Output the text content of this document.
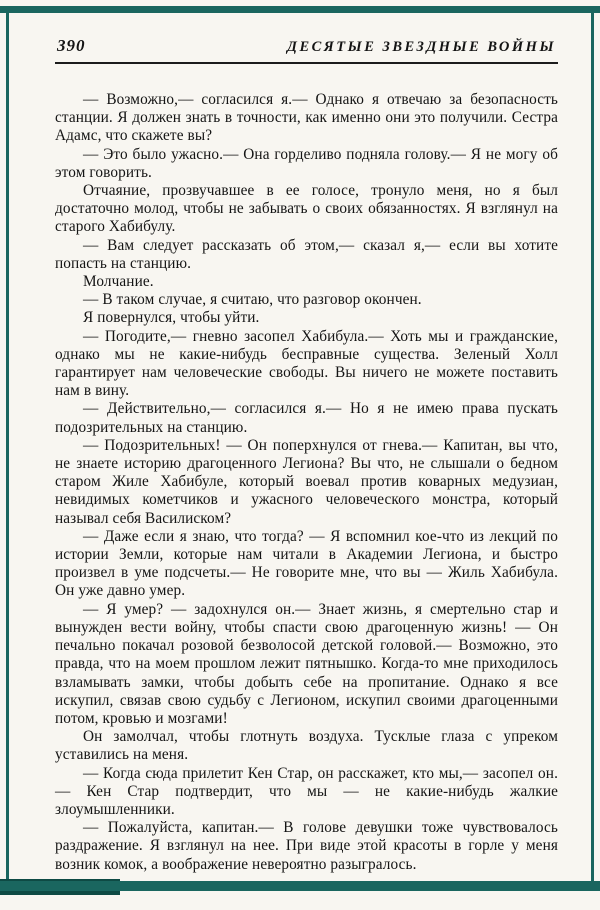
390	ДЕСЯТЫЕ ЗВЕЗДНЫЕ ВОЙНЫ

— Возможно,— согласился я.— Однако я отвечаю за безопасность станции. Я должен знать в точности, как именно они это получили. Сестра Адамс, что скажете вы?

— Это было ужасно.— Она горделиво подняла голову.— Я не могу об этом говорить.

Отчаяние, прозвучавшее в ее голосе, тронуло меня, но я был достаточно молод, чтобы не забывать о своих обязанностях. Я взглянул на старого Хабибулу.

— Вам следует рассказать об этом,— сказал я,— если вы хотите попасть на станцию.

Молчание.

— В таком случае, я считаю, что разговор окончен.

Я повернулся, чтобы уйти.

— Погодите,— гневно засопел Хабибула.— Хоть мы и гражданские, однако мы не какие-нибудь бесправные существа. Зеленый Холл гарантирует нам человеческие свободы. Вы ничего не можете поставить нам в вину.

— Действительно,— согласился я.— Но я не имею права пускать подозрительных на станцию.

— Подозрительных! — Он поперхнулся от гнева.— Капитан, вы что, не знаете историю драгоценного Легиона? Вы что, не слышали о бедном старом Жиле Хабибуле, который воевал против коварных медузиан, невидимых кометчиков и ужасного человеческого монстра, который называл себя Василиском?

— Даже если я знаю, что тогда? — Я вспомнил кое-что из лекций по истории Земли, которые нам читали в Академии Легиона, и быстро произвел в уме подсчеты.— Не говорите мне, что вы — Жиль Хабибула. Он уже давно умер.

— Я умер? — задохнулся он.— Знает жизнь, я смертельно стар и вынужден вести войну, чтобы спасти свою драгоценную жизнь! — Он печально покачал розовой безволосой детской головой.— Возможно, это правда, что на моем прошлом лежит пятнышко. Когда-то мне приходилось взламывать замки, чтобы добыть себе на пропитание. Однако я все искупил, связав свою судьбу с Легионом, искупил своими драгоценными потом, кровью и мозгами!

Он замолчал, чтобы глотнуть воздуха. Тусклые глаза с упреком уставились на меня.

— Когда сюда прилетит Кен Стар, он расскажет, кто мы,— засопел он.— Кен Стар подтвердит, что мы — не какие-нибудь жалкие злоумышленники.

— Пожалуйста, капитан.— В голове девушки тоже чувствовалось раздражение. Я взглянул на нее. При виде этой красоты в горле у меня возник комок, а воображение невероятно разыгралось.
